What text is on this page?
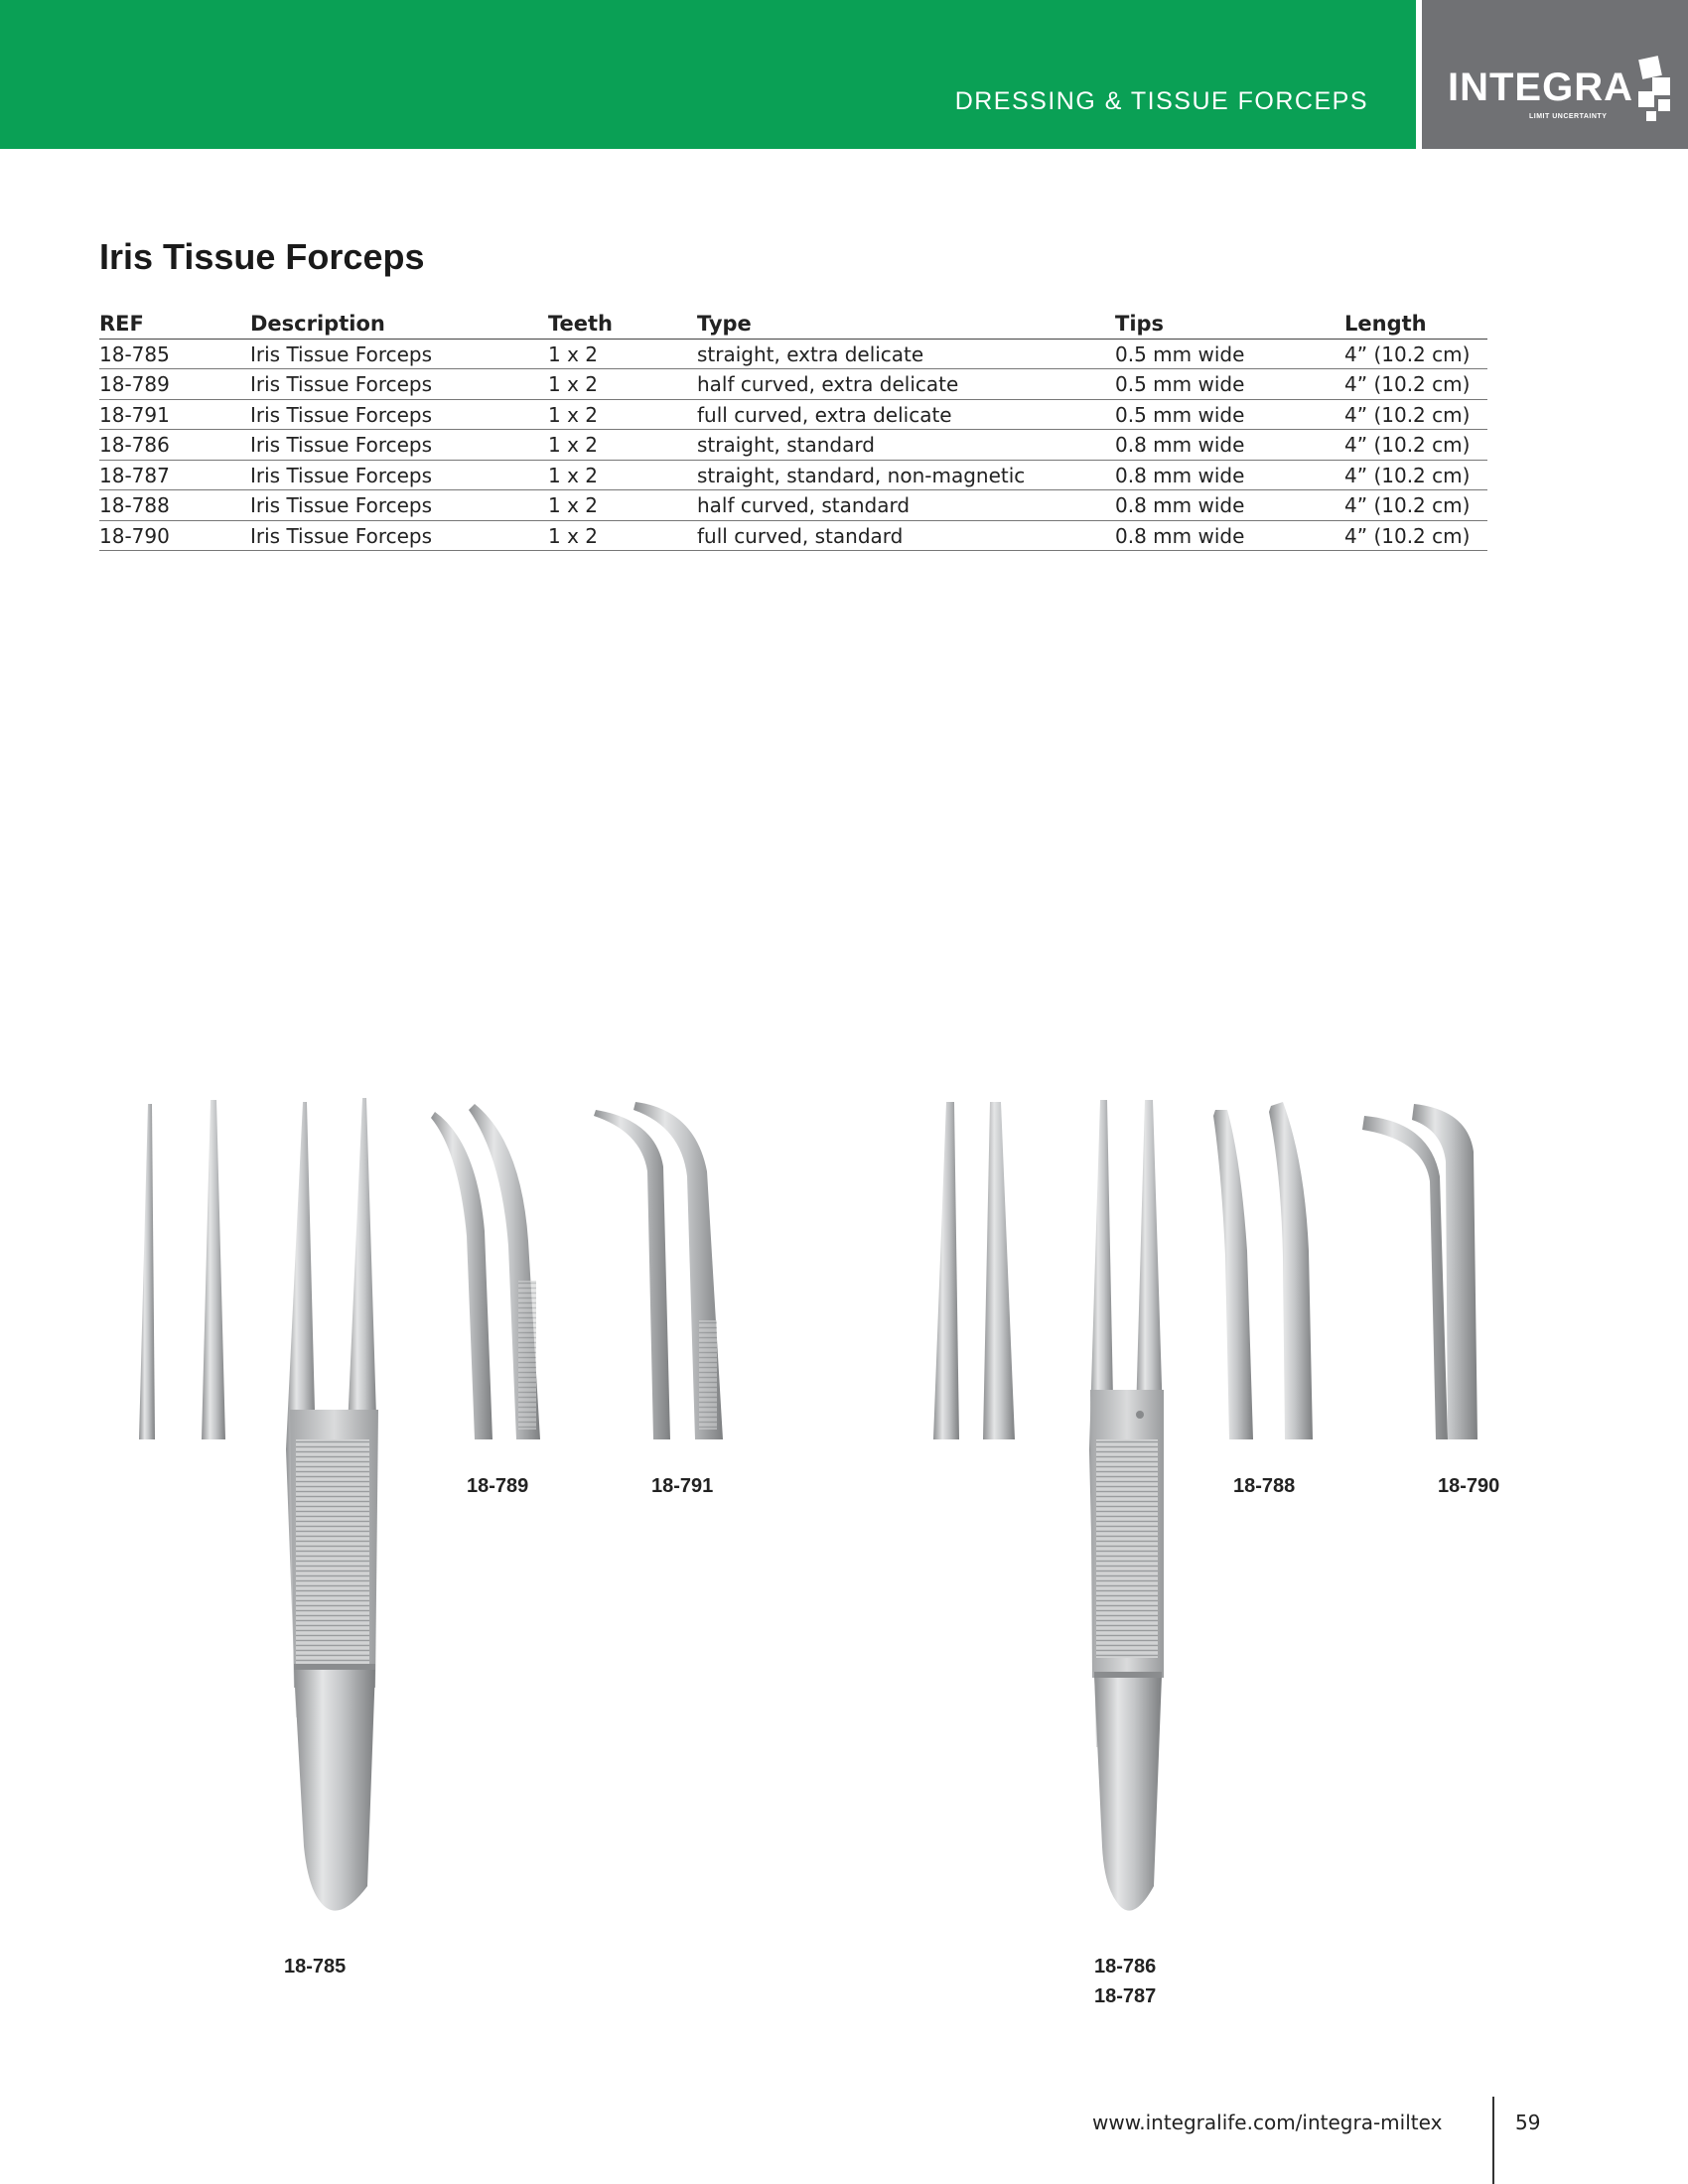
DRESSING & TISSUE FORCEPS INTEGRA
LIMIT UNCERTAINTY
Iris Tissue Forceps
REF	Description	Teeth	Type	Tips	Length
18-785	Iris Tissue Forceps	1 x 2	straight, extra delicate	0.5 mm wide	4” (10.2 cm)
18-789	Iris Tissue Forceps	1 x 2	half curved, extra delicate	0.5 mm wide	4” (10.2 cm)
18-791	Iris Tissue Forceps	1 x 2	full curved, extra delicate	0.5 mm wide	4” (10.2 cm)
18-786	Iris Tissue Forceps	1 x 2	straight, standard	0.8 mm wide	4” (10.2 cm)
18-787	Iris Tissue Forceps	1 x 2	straight, standard, non-magnetic	0.8 mm wide	4” (10.2 cm)
18-788	Iris Tissue Forceps	1 x 2	half curved, standard	0.8 mm wide	4” (10.2 cm)
18-790	Iris Tissue Forceps	1 x 2	full curved, standard	0.8 mm wide	4” (10.2 cm)
18-789	18-791	18-788	18-790
18-785	18-786
18-787
www.integralife.com/integra-miltex	59
